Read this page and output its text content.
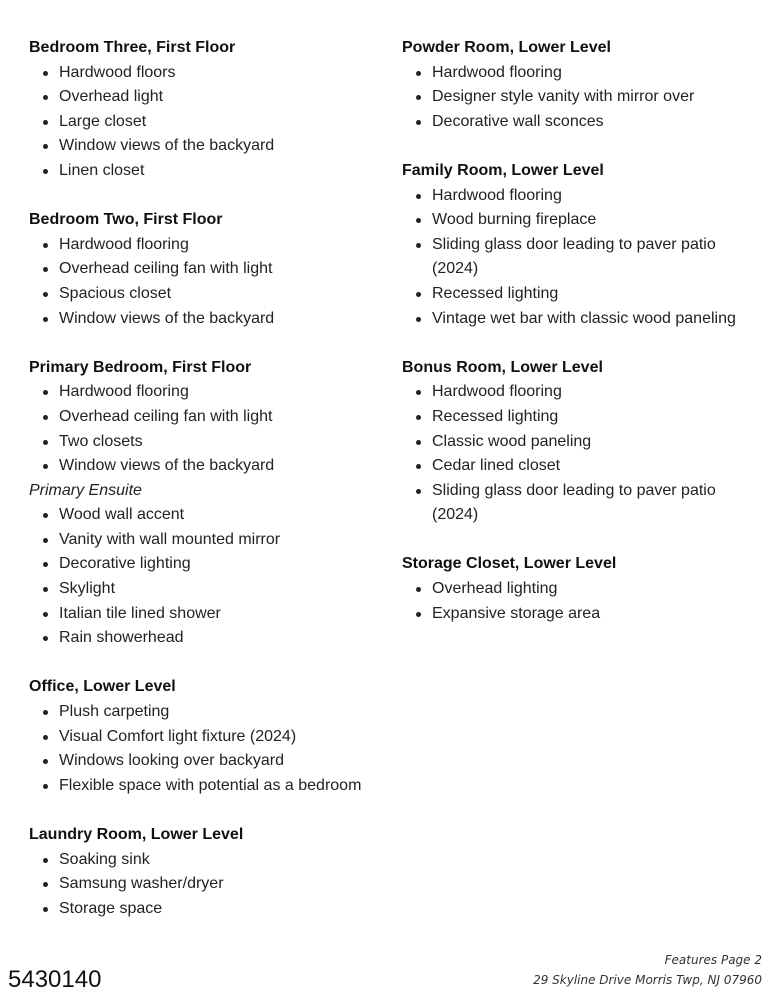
Bedroom Three, First Floor
Hardwood floors
Overhead light
Large closet
Window views of the backyard
Linen closet
Bedroom Two, First Floor
Hardwood flooring
Overhead ceiling fan with light
Spacious closet
Window views of the backyard
Primary Bedroom, First Floor
Hardwood flooring
Overhead ceiling fan with light
Two closets
Window views of the backyard
Primary Ensuite
Wood wall accent
Vanity with wall mounted mirror
Decorative lighting
Skylight
Italian tile lined shower
Rain showerhead
Office, Lower Level
Plush carpeting
Visual Comfort light fixture (2024)
Windows looking over backyard
Flexible space with potential as a bedroom
Laundry Room, Lower Level
Soaking sink
Samsung washer/dryer
Storage space
Powder Room, Lower Level
Hardwood flooring
Designer style vanity with mirror over
Decorative wall sconces
Family Room, Lower Level
Hardwood flooring
Wood burning fireplace
Sliding glass door leading to paver patio (2024)
Recessed lighting
Vintage wet bar with classic wood paneling
Bonus Room, Lower Level
Hardwood flooring
Recessed lighting
Classic wood paneling
Cedar lined closet
Sliding glass door leading to paver patio (2024)
Storage Closet, Lower Level
Overhead lighting
Expansive storage area
Features Page 2
29 Skyline Drive Morris Twp, NJ 07960
5430140
